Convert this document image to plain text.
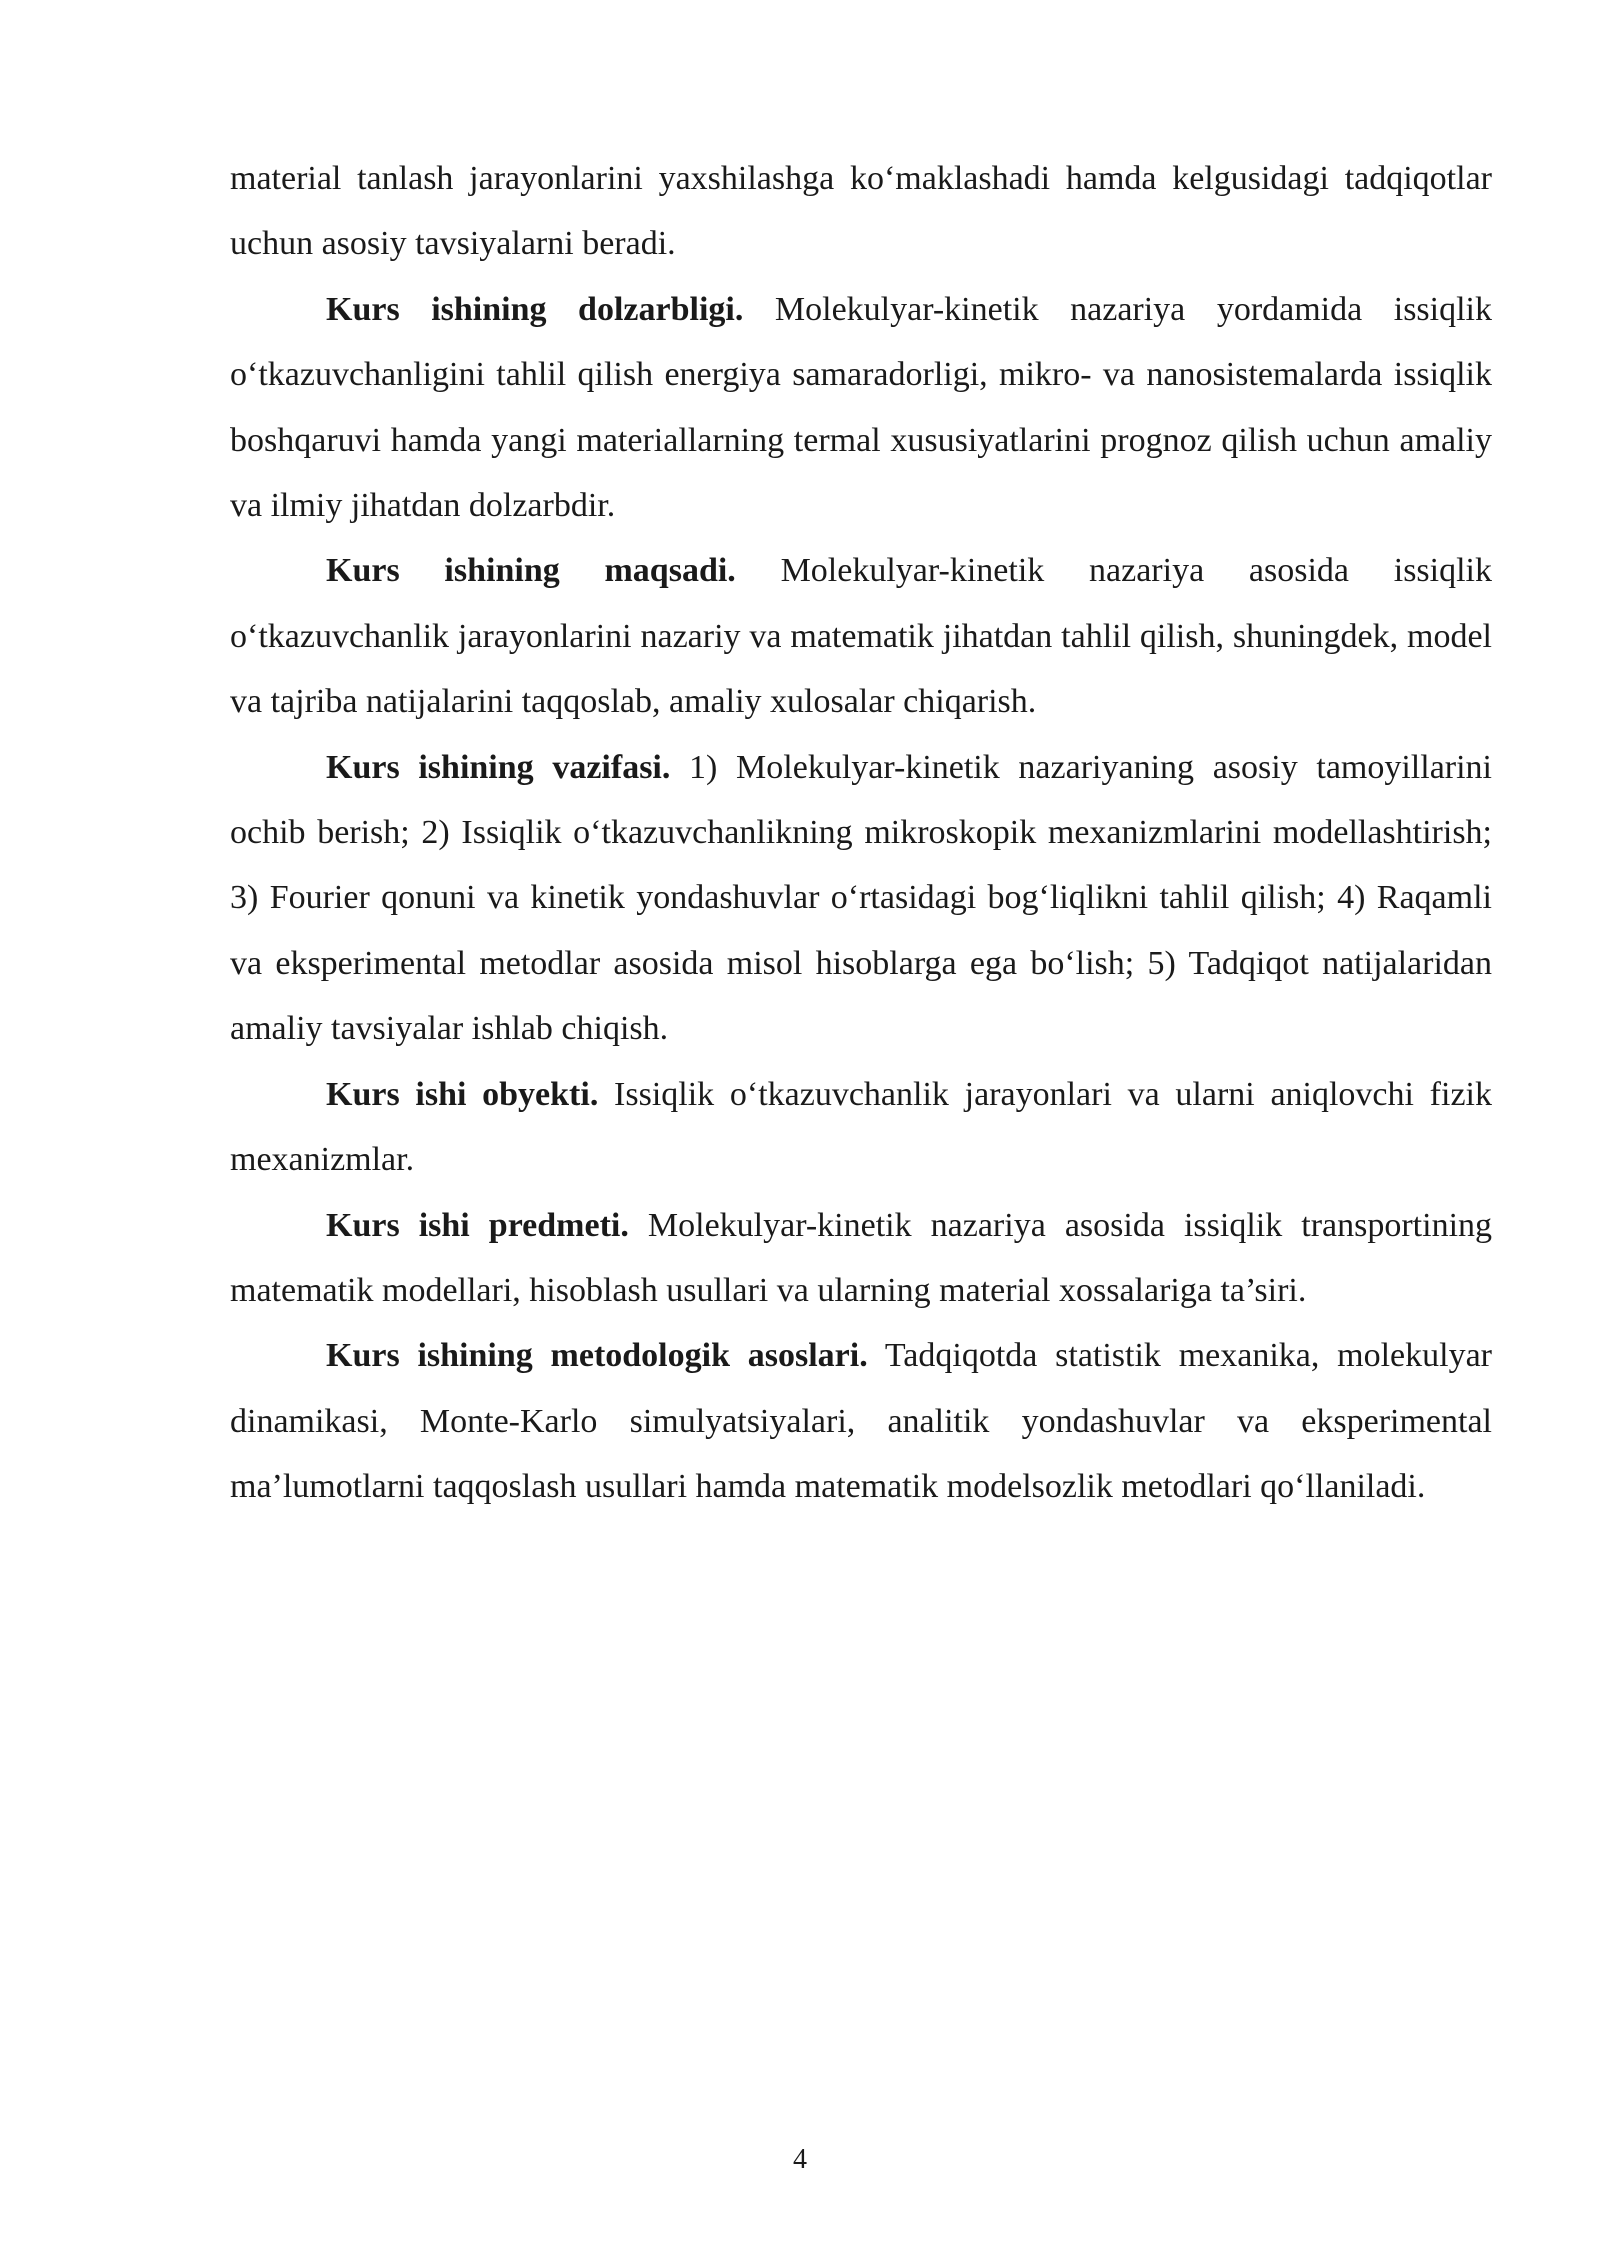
material tanlash jarayonlarini yaxshilashga ko‘maklashadi hamda kelgusidagi tadqiqotlar uchun asosiy tavsiyalarni beradi.

Kurs ishining dolzarbligi. Molekulyar-kinetik nazariya yordamida issiqlik o‘tkazuvchanligini tahlil qilish energiya samaradorligi, mikro- va nanosistemalarda issiqlik boshqaruvi hamda yangi materiallarning termal xususiyatlarini prognoz qilish uchun amaliy va ilmiy jihatdan dolzarbdir.

Kurs ishining maqsadi. Molekulyar-kinetik nazariya asosida issiqlik o‘tkazuvchanlik jarayonlarini nazariy va matematik jihatdan tahlil qilish, shuningdek, model va tajriba natijalarini taqqoslab, amaliy xulosalar chiqarish.

Kurs ishining vazifasi. 1) Molekulyar-kinetik nazariyaning asosiy tamoyillarini ochib berish; 2) Issiqlik o‘tkazuvchanlikning mikroskopik mexanizmlarini modellashtirish; 3) Fourier qonuni va kinetik yondashuvlar o‘rtasidagi bog‘liqlikni tahlil qilish; 4) Raqamli va eksperimental metodlar asosida misol hisoblarga ega bo‘lish; 5) Tadqiqot natijalaridan amaliy tavsiyalar ishlab chiqish.

Kurs ishi obyekti. Issiqlik o‘tkazuvchanlik jarayonlari va ularni aniqlovchi fizik mexanizmlar.

Kurs ishi predmeti. Molekulyar-kinetik nazariya asosida issiqlik transportining matematik modellari, hisoblash usullari va ularning material xossalariga ta’siri.

Kurs ishining metodologik asoslari. Tadqiqotda statistik mexanika, molekulyar dinamikasi, Monte-Karlo simulyatsiyalari, analitik yondashuvlar va eksperimental ma’lumotlarni taqqoslash usullari hamda matematik modelsozlik metodlari qo‘llaniladi.

4
